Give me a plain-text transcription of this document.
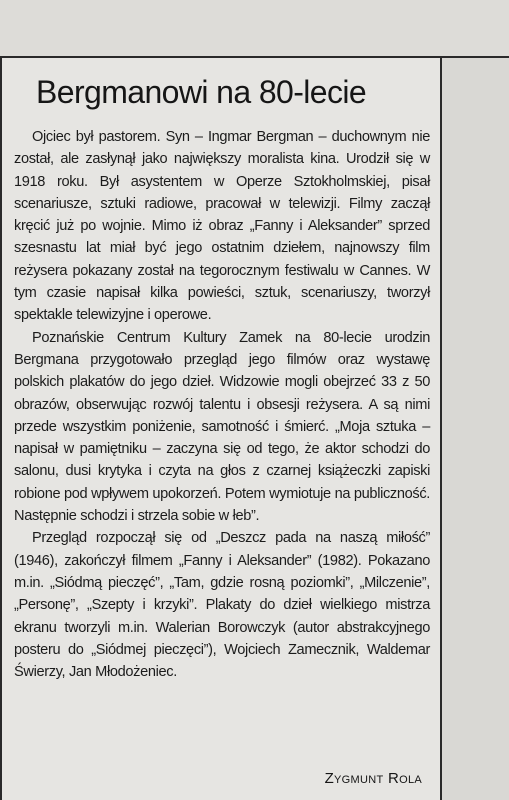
Bergmanowi na 80-lecie

Ojciec był pastorem. Syn – Ingmar Bergman – duchownym nie został, ale zasłynął jako największy moralista kina. Urodził się w 1918 roku. Był asystentem w Operze Sztokholmskiej, pisał scenariusze, sztuki radiowe, pracował w telewizji. Filmy zaczął kręcić już po wojnie. Mimo iż obraz „Fanny i Aleksander” sprzed szesnastu lat miał być jego ostatnim dziełem, najnowszy film reżysera pokazany został na tegorocznym festiwalu w Cannes. W tym czasie napisał kilka powieści, sztuk, scenariuszy, tworzył spektakle telewizyjne i operowe.

Poznańskie Centrum Kultury Zamek na 80-lecie urodzin Bergmana przygotowało przegląd jego filmów oraz wystawę polskich plakatów do jego dzieł. Widzowie mogli obejrzeć 33 z 50 obrazów, obserwując rozwój talentu i obsesji reżysera. A są nimi przede wszystkim poniżenie, samotność i śmierć. „Moja sztuka – napisał w pamiętniku – zaczyna się od tego, że aktor schodzi do salonu, dusi krytyka i czyta na głos z czarnej książeczki zapiski robione pod wpływem upokorzeń. Potem wymiotuje na publiczność. Następnie schodzi i strzela sobie w łeb”.

Przegląd rozpoczął się od „Deszcz pada na naszą miłość” (1946), zakończył filmem „Fanny i Aleksander” (1982). Pokazano m.in. „Siódmą pieczęć”, „Tam, gdzie rosną poziomki”, „Milczenie”, „Personę”, „Szepty i krzyki”. Plakaty do dzieł wielkiego mistrza ekranu tworzyli m.in. Walerian Borowczyk (autor abstrakcyjnego posteru do „Siódmej pieczęci”), Wojciech Zamecznik, Waldemar Świerzy, Jan Młodożeniec.

Zygmunt Rola
